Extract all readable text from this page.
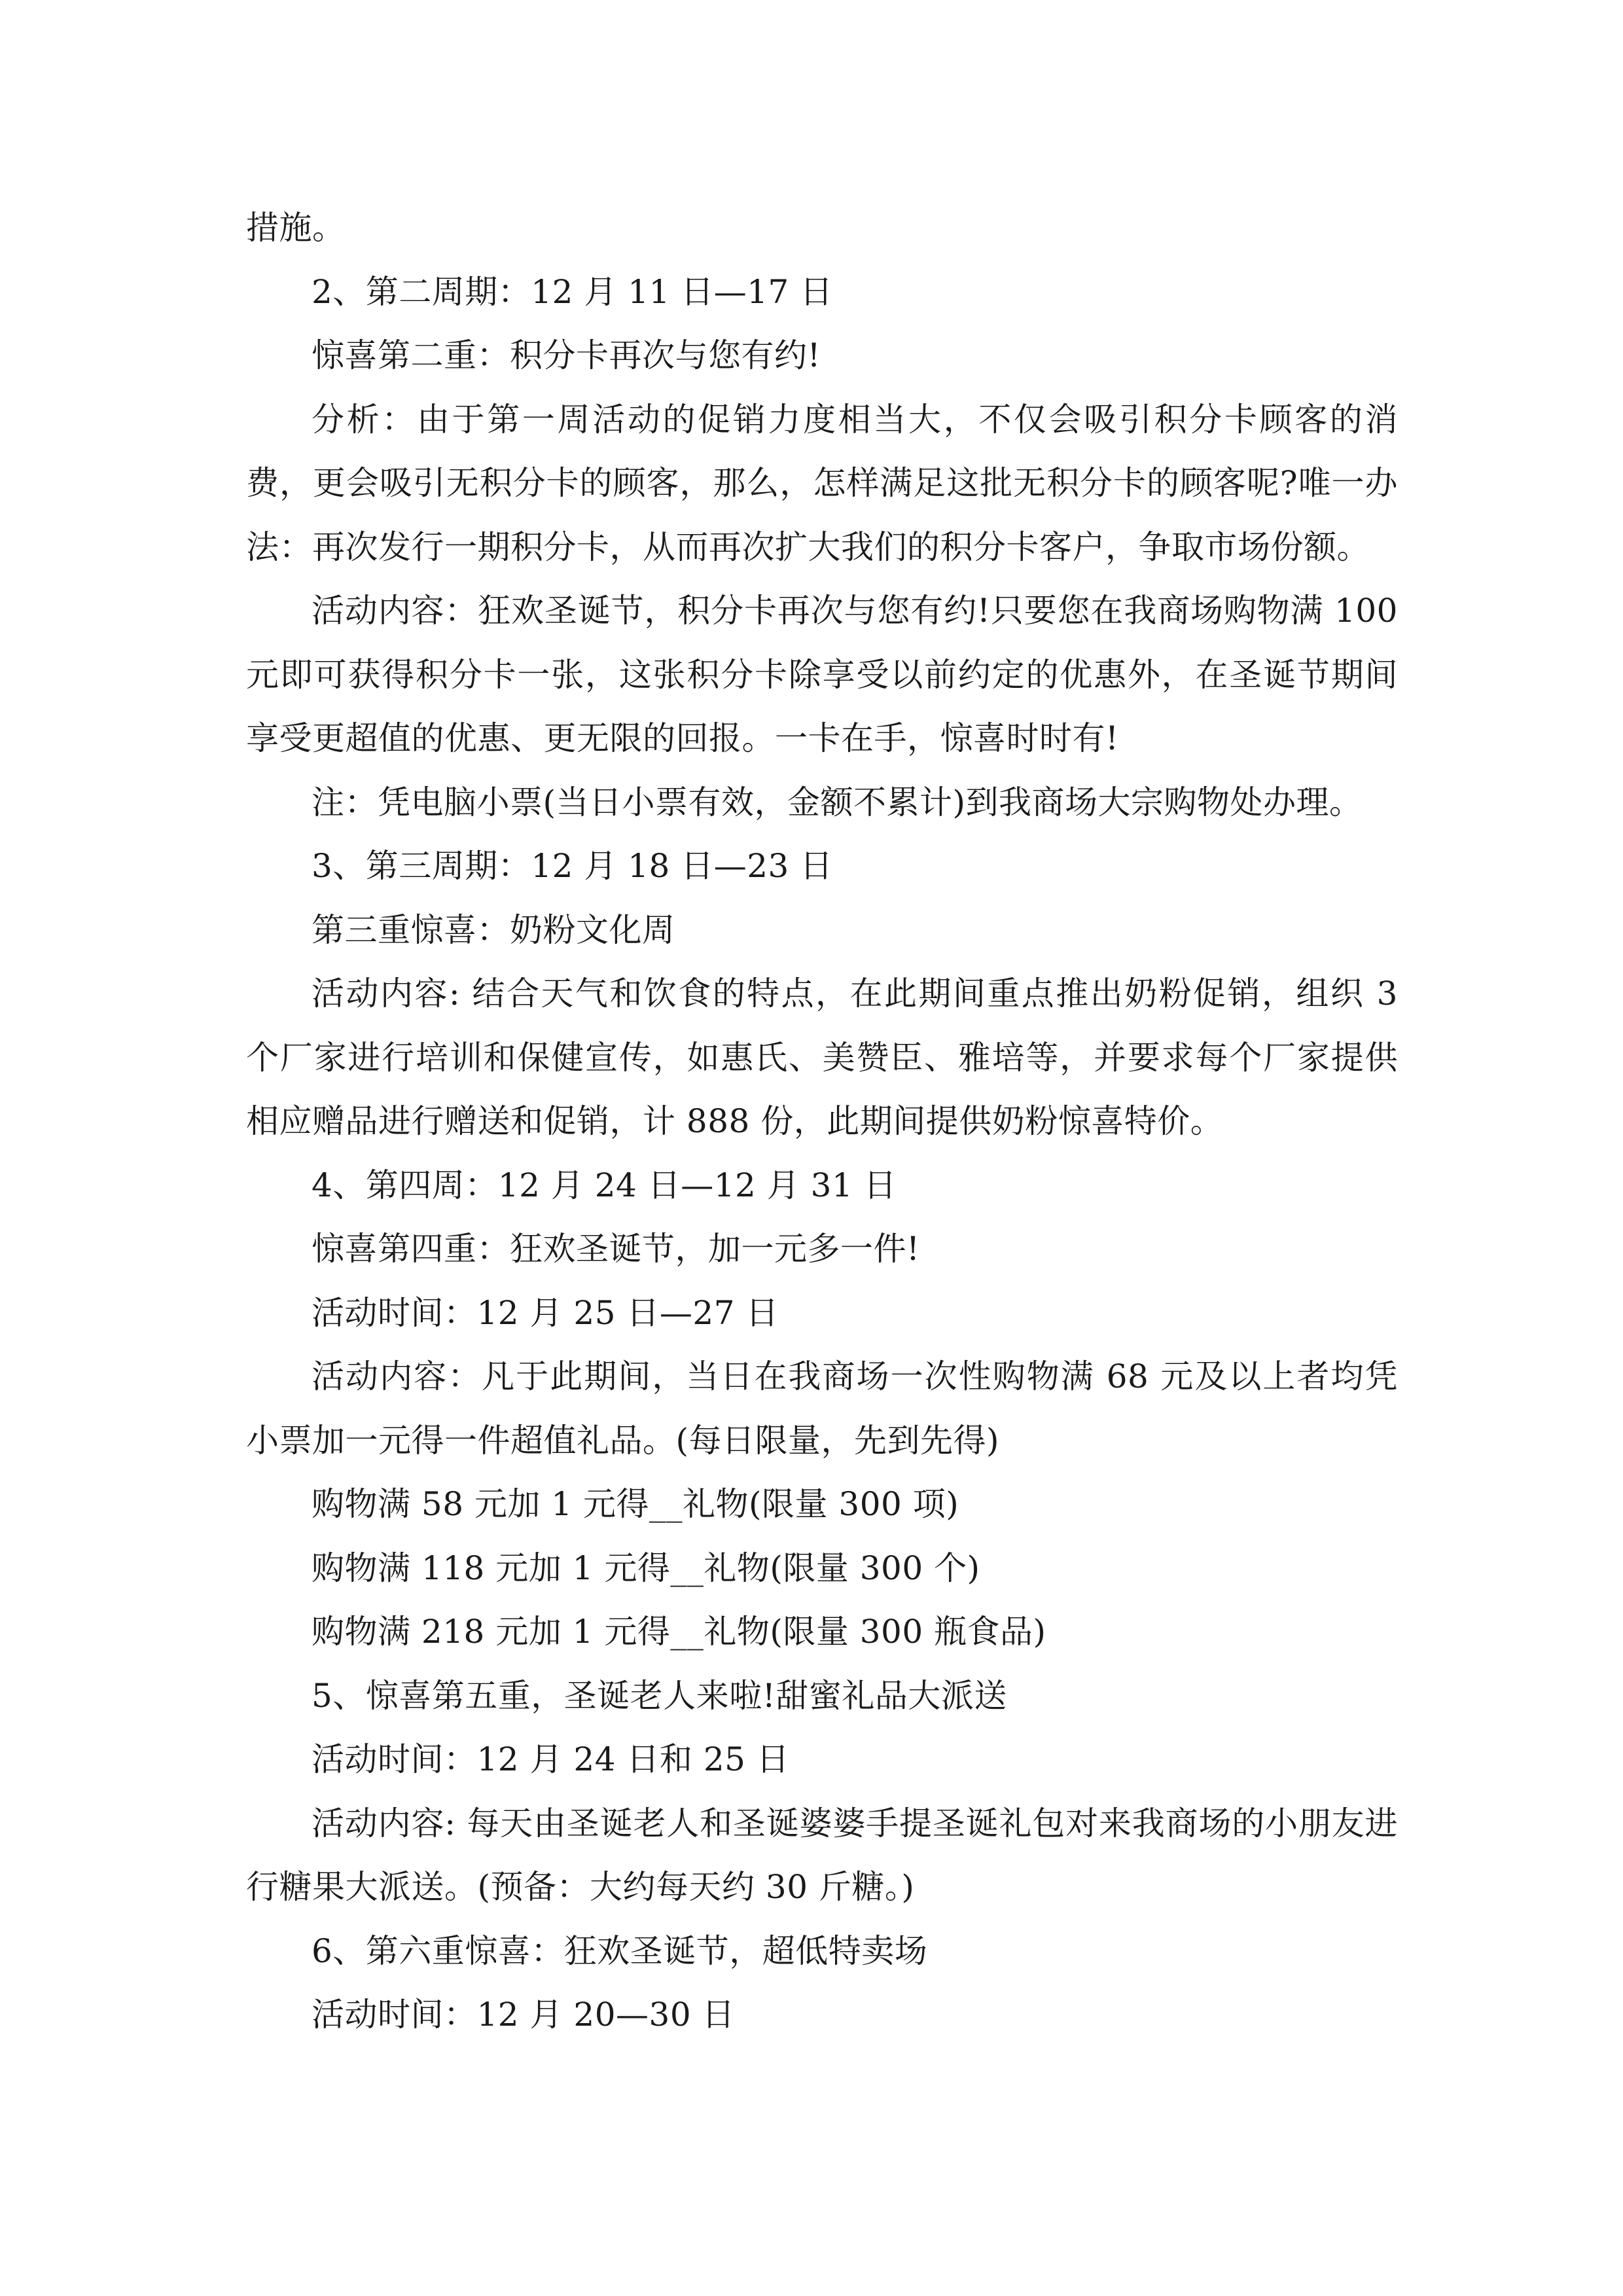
措施。

2、第二周期：12 月 11 日—17 日

惊喜第二重：积分卡再次与您有约!

分析：由于第一周活动的促销力度相当大，不仅会吸引积分卡顾客的消费，更会吸引无积分卡的顾客，那么，怎样满足这批无积分卡的顾客呢?唯一办法：再次发行一期积分卡，从而再次扩大我们的积分卡客户，争取市场份额。

活动内容：狂欢圣诞节，积分卡再次与您有约!只要您在我商场购物满 100 元即可获得积分卡一张，这张积分卡除享受以前约定的优惠外，在圣诞节期间享受更超值的优惠、更无限的回报。一卡在手，惊喜时时有!

注：凭电脑小票(当日小票有效，金额不累计)到我商场大宗购物处办理。

3、第三周期：12 月 18 日—23 日

第三重惊喜：奶粉文化周

活动内容: 结合天气和饮食的特点，在此期间重点推出奶粉促销，组织 3 个厂家进行培训和保健宣传，如惠氏、美赞臣、雅培等，并要求每个厂家提供相应赠品进行赠送和促销，计 888 份，此期间提供奶粉惊喜特价。

4、第四周：12 月 24 日—12 月 31 日

惊喜第四重：狂欢圣诞节，加一元多一件!

活动时间：12 月 25 日—27 日

活动内容：凡于此期间，当日在我商场一次性购物满 68 元及以上者均凭小票加一元得一件超值礼品。(每日限量，先到先得)

购物满 58 元加 1 元得__礼物(限量 300 项)

购物满 118 元加 1 元得__礼物(限量 300 个)

购物满 218 元加 1 元得__礼物(限量 300 瓶食品)

5、惊喜第五重，圣诞老人来啦!甜蜜礼品大派送

活动时间：12 月 24 日和 25 日

活动内容: 每天由圣诞老人和圣诞婆婆手提圣诞礼包对来我商场的小朋友进行糖果大派送。(预备：大约每天约 30 斤糖。)

6、第六重惊喜：狂欢圣诞节，超低特卖场

活动时间：12 月 20—30 日
